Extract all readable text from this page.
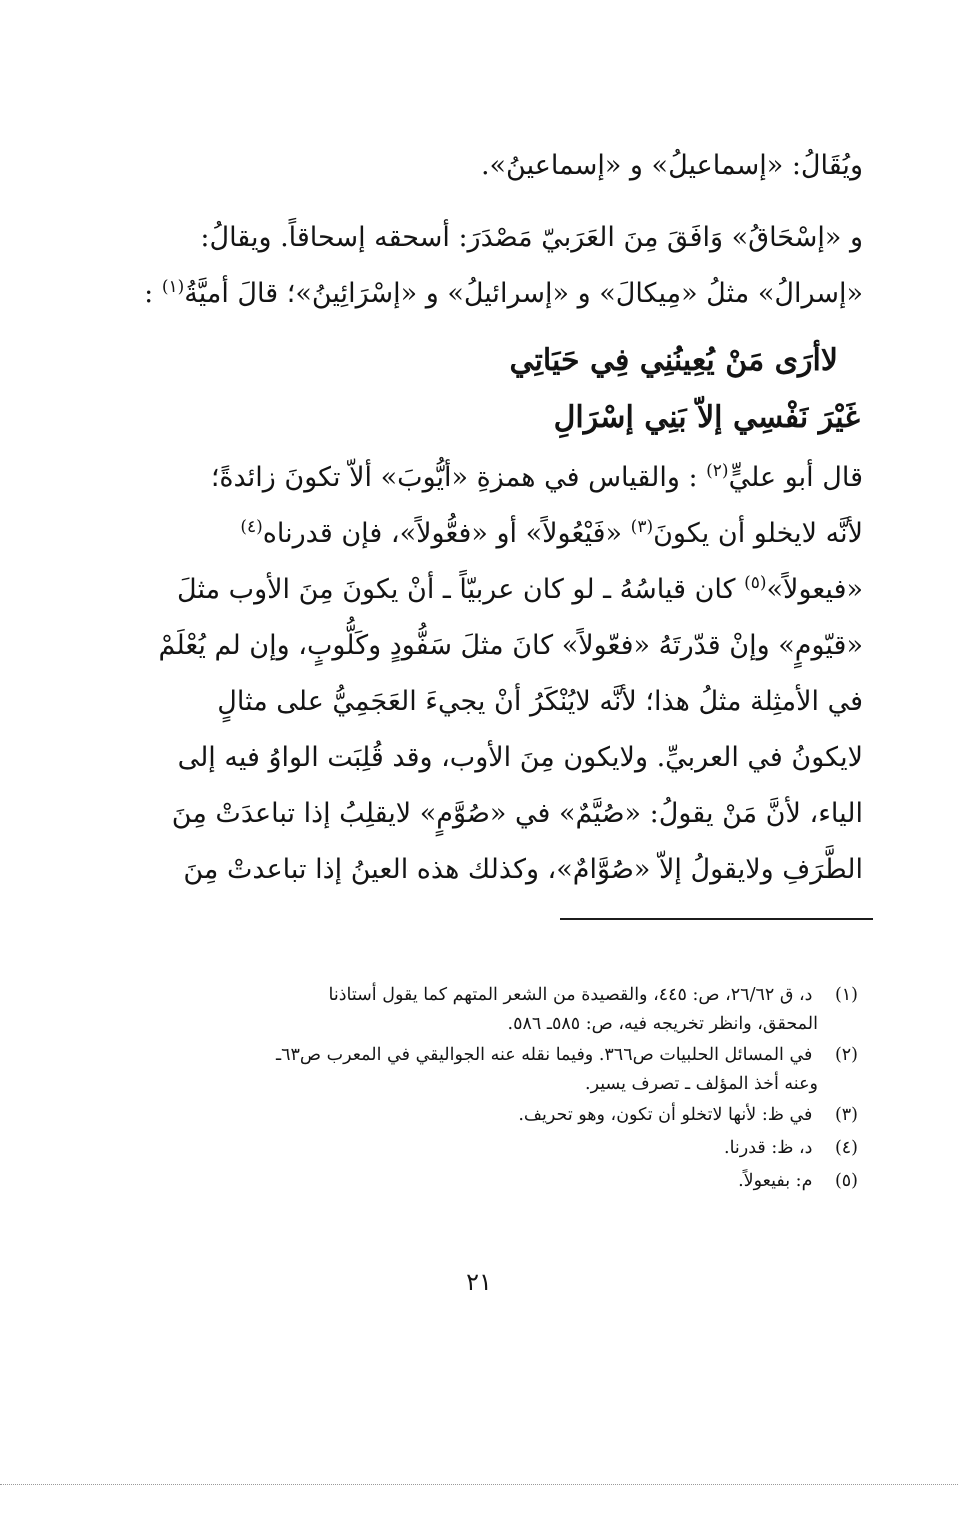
ويُقَالُ: «إسماعيلُ» و «إسماعينُ».
و «إسْحَاقُ» وَافَقَ مِنَ العَرَبيّ مَصْدَرَ: أسحقه إسحاقاً. ويقالُ:
«إسرالُ» مثلُ «مِيكالَ» و «إسرائيلُ» و «إسْرَائِينُ»؛ قالَ أميَّةُ$^{(١)}$ :
لاأرَى مَنْ يُعِينُنِي فِي حَيَاتِي
غَيْرَ نَفْسِي إلاّ بَنِي إسْرَالِ
قال أبو عليٍّ$^{(٢)}$ : والقياس في همزةِ «أيُّوبَ» ألاّ تكونَ زائدةً؛
لأنَّه لايخلو أن يكونَ$^{(٣)}$ «فَيْعُولاً» أو «فعُّولاً»، فإن قدرناه$^{(٤)}$
«فيعولاً»$^{(٥)}$ كان قياسُهُ ـ لو كان عربيّاً ـ أنْ يكونَ مِنَ الأوب مثلَ
«قيّومٍ» وإنْ قدّرتَهُ «فعّولاً» كانَ مثلَ سَفُّودٍ وكَلُّوبٍ، وإن لم يُعْلَمْ
في الأمثِلة مثلُ هذا؛ لأنَّه لايُنْكَرُ أنْ يجيءَ العَجَمِيُّ على مثالٍ
لايكونُ في العربيِّ. ولايكون مِنَ الأوب، وقد قُلِبَت الواوُ فيه إلى
الياء، لأنَّ مَنْ يقولُ: «صُيَّمٌ» في «صُوَّمٍ» لايقلِبُ إذا تباعدَتْ مِنَ
الطَّرَفِ ولايقولُ إلاّ «صُوَّامٌ»، وكذلك هذه العينُ إذا تباعدتْ مِنَ
(١) د، ق ٢٦/٦٢، ص: ٤٤٥، والقصيدة من الشعر المتهم كما يقول أستاذنا
المحقق، وانظر تخريجه فيه، ص: ٥٨٥ـ ٥٨٦.
(٢) في المسائل الحلبيات ص٣٦٦. وفيما نقله عنه الجواليقي في المعرب ص٦٣ـ
وعنه أخذ المؤلف ـ تصرف يسير.
(٣) في ظ: لأنها لاتخلو أن تكون، وهو تحريف.
(٤) د، ظ: قدرنا.
(٥) م: بفيعولاً.
٢١
